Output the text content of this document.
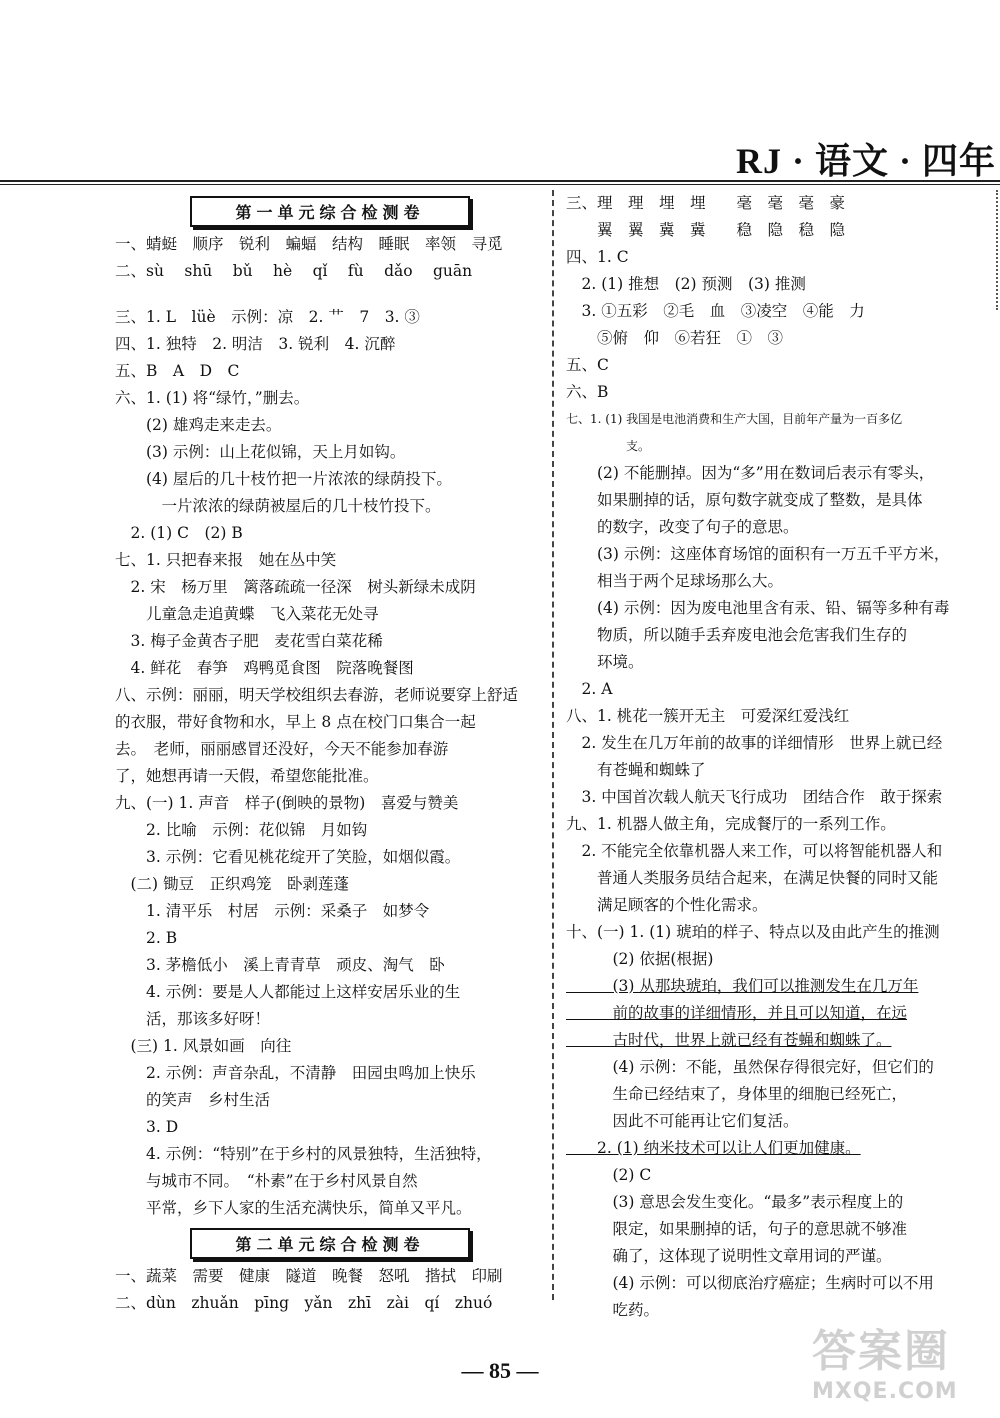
RJ · 语文 · 四年
第一单元综合检测卷
一、蜻蜓　顺序　锐利　蝙蝠　结构　睡眠　率领　寻觅
二、sù　 shū　 bǔ　 hè　 qǐ　 fù　 dǎo　 guān
三、1. L　lüè　示例：凉　2. 艹　7　3. ③
四、1. 独特　2. 明洁　3. 锐利　4. 沉醉
五、B　A　D　C
六、1. (1) 将“绿竹，”删去。
　　(2) 雄鸡走来走去。
　　(3) 示例：山上花似锦，天上月如钩。
　　(4) 屋后的几十枝竹把一片浓浓的绿荫投下。
　　　一片浓浓的绿荫被屋后的几十枝竹投下。
　2. (1) C　(2) B
七、1. 只把春来报　她在丛中笑
　2. 宋　杨万里　篱落疏疏一径深　树头新绿未成阴
　　儿童急走追黄蝶　飞入菜花无处寻
　3. 梅子金黄杏子肥　麦花雪白菜花稀
　4. 鲜花　春笋　鸡鸭觅食图　院落晚餐图
八、示例：丽丽，明天学校组织去春游，老师说要穿上舒适
的衣服，带好食物和水，早上 8 点在校门口集合一起
去。　老师，丽丽感冒还没好，今天不能参加春游
了，她想再请一天假，希望您能批准。
九、(一) 1. 声音　样子(倒映的景物)　喜爱与赞美
　　2. 比喻　示例：花似锦　月如钩
　　3. 示例：它看见桃花绽开了笑脸，如烟似霞。
　(二) 锄豆　正织鸡笼　卧剥莲蓬
　　1. 清平乐　村居　示例：采桑子　如梦令
　　2. B
　　3. 茅檐低小　溪上青青草　顽皮、淘气　卧
　　4. 示例：要是人人都能过上这样安居乐业的生
　　活，那该多好呀！
　(三) 1. 风景如画　向往
　　2. 示例：声音杂乱，不清静　田园虫鸣加上快乐
　　的笑声　乡村生活
　　3. D
　　4. 示例：“特别”在于乡村的风景独特，生活独特，
　　与城市不同。　“朴素”在于乡村风景自然
　　平常，乡下人家的生活充满快乐，简单又平凡。
第二单元综合检测卷
一、蔬菜　需要　健康　隧道　晚餐　怒吼　揩拭　印刷
二、dùn　zhuǎn　pīng　yǎn　zhī　zài　qí　zhuó
三、理　理　埋　埋　　毫　毫　毫　豪
　　翼　翼　冀　冀　　稳　隐　稳　隐
四、1. C
　2. (1) 推想　(2) 预测　(3) 推测
　3. ①五彩　②毛　血　③凌空　④能　力
　　⑤俯　仰　⑥若狂　①　③
五、C
六、B
七、1. (1) 我国是电池消费和生产大国，目前年产量为一百多亿
　　　　　支。
　　(2) 不能删掉。因为“多”用在数词后表示有零头，
　　如果删掉的话，原句数字就变成了整数，是具体
　　的数字，改变了句子的意思。
　　(3) 示例：这座体育场馆的面积有一万五千平方米，
　　相当于两个足球场那么大。
　　(4) 示例：因为废电池里含有汞、铅、镉等多种有毒
　　物质，所以随手丢弃废电池会危害我们生存的
　　环境。
　2. A
八、1. 桃花一簇开无主　可爱深红爱浅红
　2. 发生在几万年前的故事的详细情形　世界上就已经
　　有苍蝇和蜘蛛了
　3. 中国首次载人航天飞行成功　团结合作　敢于探索
九、1. 机器人做主角，完成餐厅的一系列工作。
　2. 不能完全依靠机器人来工作，可以将智能机器人和
　　普通人类服务员结合起来，在满足快餐的同时又能
　　满足顾客的个性化需求。
十、(一) 1. (1) 琥珀的样子、特点以及由此产生的推测
　　　(2) 依据(根据)
　　　(3) 从那块琥珀，我们可以推测发生在几万年
　　　前的故事的详细情形，并且可以知道，在远
　　　古时代，世界上就已经有苍蝇和蜘蛛了。
　　　(4) 示例：不能，虽然保存得很完好，但它们的
　　　生命已经结束了，身体里的细胞已经死亡，
　　　因此不可能再让它们复活。
　　2. (1) 纳米技术可以让人们更加健康。
　　　(2) C
　　　(3) 意思会发生变化。“最多”表示程度上的
　　　限定，如果删掉的话，句子的意思就不够准
　　　确了，这体现了说明性文章用词的严谨。
　　　(4) 示例：可以彻底治疗癌症；生病时可以不用
　　　吃药。
— 85 —	答案圈
MXQE.COM
